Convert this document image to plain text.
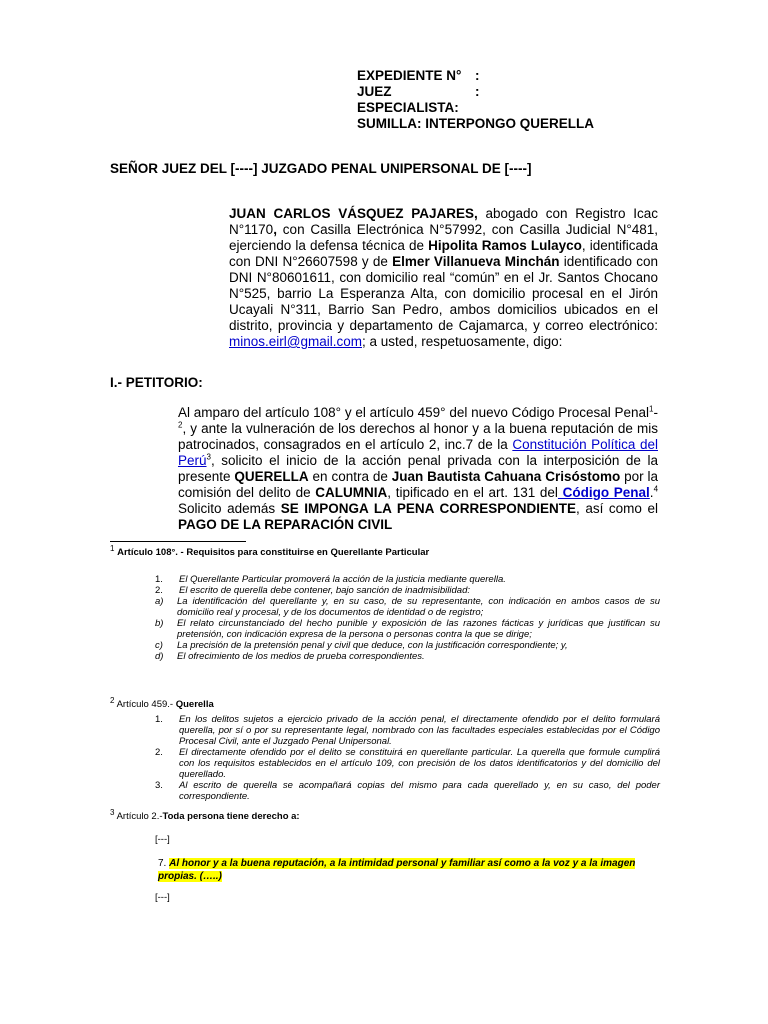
EXPEDIENTE N°	:
JUEZ	:
ESPECIALISTA:
SUMILLA: INTERPONGO QUERELLA
SEÑOR JUEZ DEL [----] JUZGADO PENAL UNIPERSONAL DE [----]
JUAN CARLOS VÁSQUEZ PAJARES, abogado con Registro Icac N°1170, con Casilla Electrónica N°57992, con Casilla Judicial N°481, ejerciendo la defensa técnica de Hipolita Ramos Lulayco, identificada con DNI N°26607598 y de Elmer Villanueva Minchán identificado con DNI N°80601611, con domicilio real “común” en el Jr. Santos Chocano N°525, barrio La Esperanza Alta, con domicilio procesal en el Jirón Ucayali N°311, Barrio San Pedro, ambos domicilios ubicados en el distrito, provincia y departamento de Cajamarca, y correo electrónico: minos.eirl@gmail.com; a usted, respetuosamente, digo:
I.- PETITORIO:
Al amparo del artículo 108° y el artículo 459° del nuevo Código Procesal Penal$^1$-$^2$, y ante la vulneración de los derechos al honor y a la buena reputación de mis patrocinados, consagrados en el artículo 2, inc.7 de la Constitución Política del Perú$^3$, solicito el inicio de la acción penal privada con la interposición de la presente QUERELLA en contra de Juan Bautista Cahuana Crisóstomo por la comisión del delito de CALUMNIA, tipificado en el art. 131 del Código Penal.$^4$ Solicito además SE IMPONGA LA PENA CORRESPONDIENTE, así como el PAGO DE LA REPARACIÓN CIVIL
$^1$ Artículo 108°. - Requisitos para constituirse en Querellante Particular
1.	El Querellante Particular promoverá la acción de la justicia mediante querella.
2.	El escrito de querella debe contener, bajo sanción de inadmisibilidad:
a)	La identificación del querellante y, en su caso, de su representante, con indicación en ambos casos de su domicilio real y procesal, y de los documentos de identidad o de registro;
b)	El relato circunstanciado del hecho punible y exposición de las razones fácticas y jurídicas que justifican su pretensión, con indicación expresa de la persona o personas contra la que se dirige;
c)	La precisión de la pretensión penal y civil que deduce, con la justificación correspondiente; y,
d)	El ofrecimiento de los medios de prueba correspondientes.
$^2$ Artículo 459.- Querella
1.	En los delitos sujetos a ejercicio privado de la acción penal, el directamente ofendido por el delito formulará querella, por sí o por su representante legal, nombrado con las facultades especiales establecidas por el Código Procesal Civil, ante el Juzgado Penal Unipersonal.
2.	El directamente ofendido por el delito se constituirá en querellante particular. La querella que formule cumplirá con los requisitos establecidos en el artículo 109, con precisión de los datos identificatorios y del domicilio del querellado.
3.	Al escrito de querella se acompañará copias del mismo para cada querellado y, en su caso, del poder correspondiente.
$^3$ Artículo 2.-Toda persona tiene derecho a:
[---]
7. Al honor y a la buena reputación, a la intimidad personal y familiar así como a la voz y a la imagen propias. (…..)
[---]
